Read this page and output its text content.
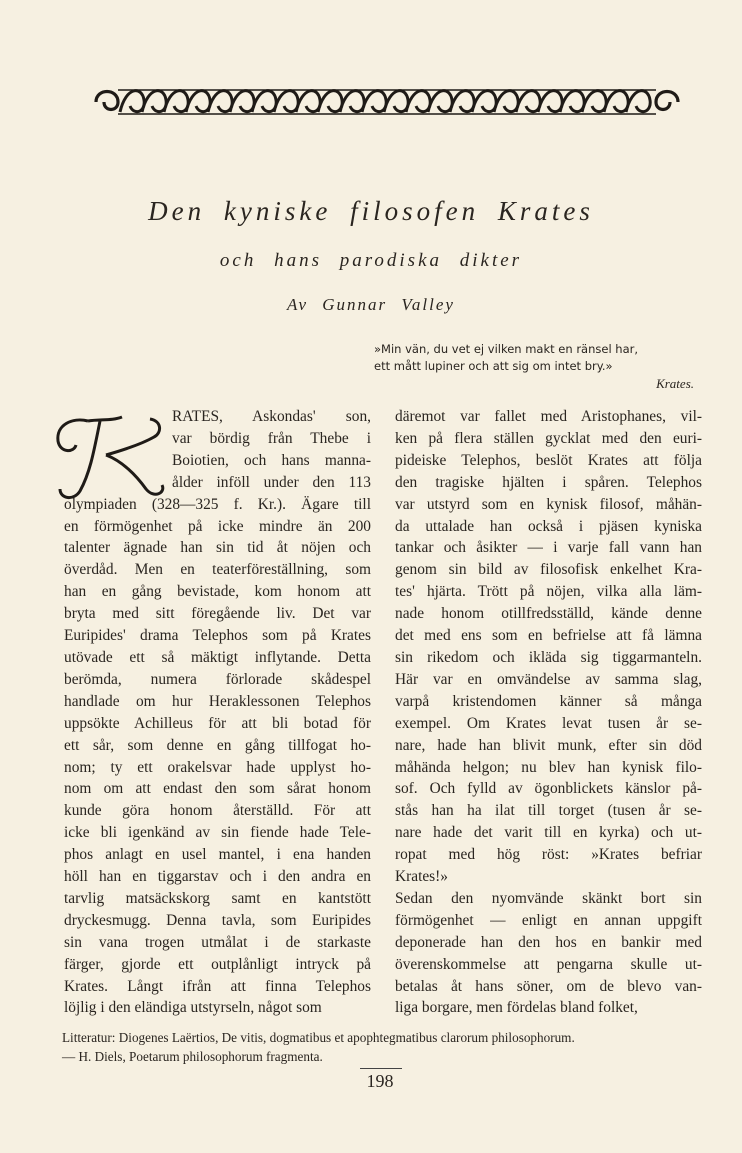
Den kyniske filosofen Krates
och hans parodiska dikter
Av Gunnar Valley
»Min vän, du vet ej vilken makt en ränsel har,
ett mått lupiner och att sig om intet bry.»
Krates.
RATES, Askondas' son,
var bördig från Thebe i
Boiotien, och hans manna-
ålder inföll under den 113
olympiaden (328—325 f. Kr.). Ägare till
en förmögenhet på icke mindre än 200
talenter ägnade han sin tid åt nöjen och
överdåd. Men en teaterföreställning, som
han en gång bevistade, kom honom att
bryta med sitt föregående liv. Det var
Euripides' drama Telephos som på Krates
utövade ett så mäktigt inflytande. Detta
berömda, numera förlorade skådespel
handlade om hur Heraklessonen Telephos
uppsökte Achilleus för att bli botad för
ett sår, som denne en gång tillfogat ho-
nom; ty ett orakelsvar hade upplyst ho-
nom om att endast den som sårat honom
kunde göra honom återställd. För att
icke bli igenkänd av sin fiende hade Tele-
phos anlagt en usel mantel, i ena handen
höll han en tiggarstav och i den andra en
tarvlig matsäckskorg samt en kantstött
dryckesmugg. Denna tavla, som Euripides
sin vana trogen utmålat i de starkaste
färger, gjorde ett outplånligt intryck på
Krates. Långt ifrån att finna Telephos
löjlig i den eländiga utstyrseln, något som
däremot var fallet med Aristophanes, vil-
ken på flera ställen gycklat med den euri-
pideiske Telephos, beslöt Krates att följa
den tragiske hjälten i spåren. Telephos
var utstyrd som en kynisk filosof, måhän-
da uttalade han också i pjäsen kyniska
tankar och åsikter — i varje fall vann han
genom sin bild av filosofisk enkelhet Kra-
tes' hjärta. Trött på nöjen, vilka alla läm-
nade honom otillfredsställd, kände denne
det med ens som en befrielse att få lämna
sin rikedom och ikläda sig tiggarmanteln.
Här var en omvändelse av samma slag,
varpå kristendomen känner så många
exempel. Om Krates levat tusen år se-
nare, hade han blivit munk, efter sin död
måhända helgon; nu blev han kynisk filo-
sof. Och fylld av ögonblickets känslor på-
stås han ha ilat till torget (tusen år se-
nare hade det varit till en kyrka) och ut-
ropat med hög röst: »Krates befriar
Krates!»
Sedan den nyomvände skänkt bort sin
förmögenhet — enligt en annan uppgift
deponerade han den hos en bankir med
överenskommelse att pengarna skulle ut-
betalas åt hans söner, om de blevo van-
liga borgare, men fördelas bland folket,
Litteratur: Diogenes Laërtios, De vitis, dogmatibus et apophtegmatibus clarorum philosophorum.
— H. Diels, Poetarum philosophorum fragmenta.
198
